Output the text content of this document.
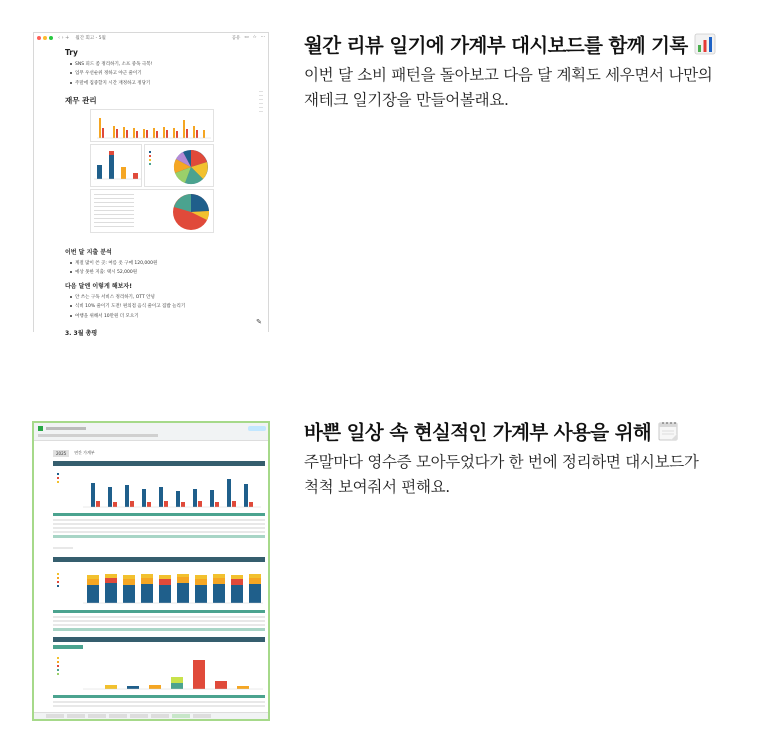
‹ › + 월간 회고 - 5월	공유 ▭ ☆ ···
Try
SNS 피드 좀 정리하기, 소프 중독 극복!
업무 우선순위 정하고 야근 줄이기
주말에 집중할지 시간 재정하고 정당기
재무 관리
이번 달 지출 분석
계절 많이 쓴 곳: 여름 옷 구매 120,000원
예상 못한 지출: 택시 52,000원
다음 달엔 이렇게 해보자!
안 쓰는 구독 서비스 정리하기, OTT 안녕
식비 10% 줄이기 도전! 편의점 음식 줄이고 집밥 늘리기
여행을 위해서 10만원 더 모으기
3. 3월 총평
✎
월간 리뷰 일기에 가계부 대시보드를 함께 기록
이번 달 소비 패턴을 돌아보고 다음 달 계획도 세우면서 나만의 재테크 일기장을 만들어볼래요.
2025	연간 가계부
바쁜 일상 속 현실적인 가계부 사용을 위해
주말마다 영수증 모아두었다가 한 번에 정리하면 대시보드가 척척 보여줘서 편해요.
